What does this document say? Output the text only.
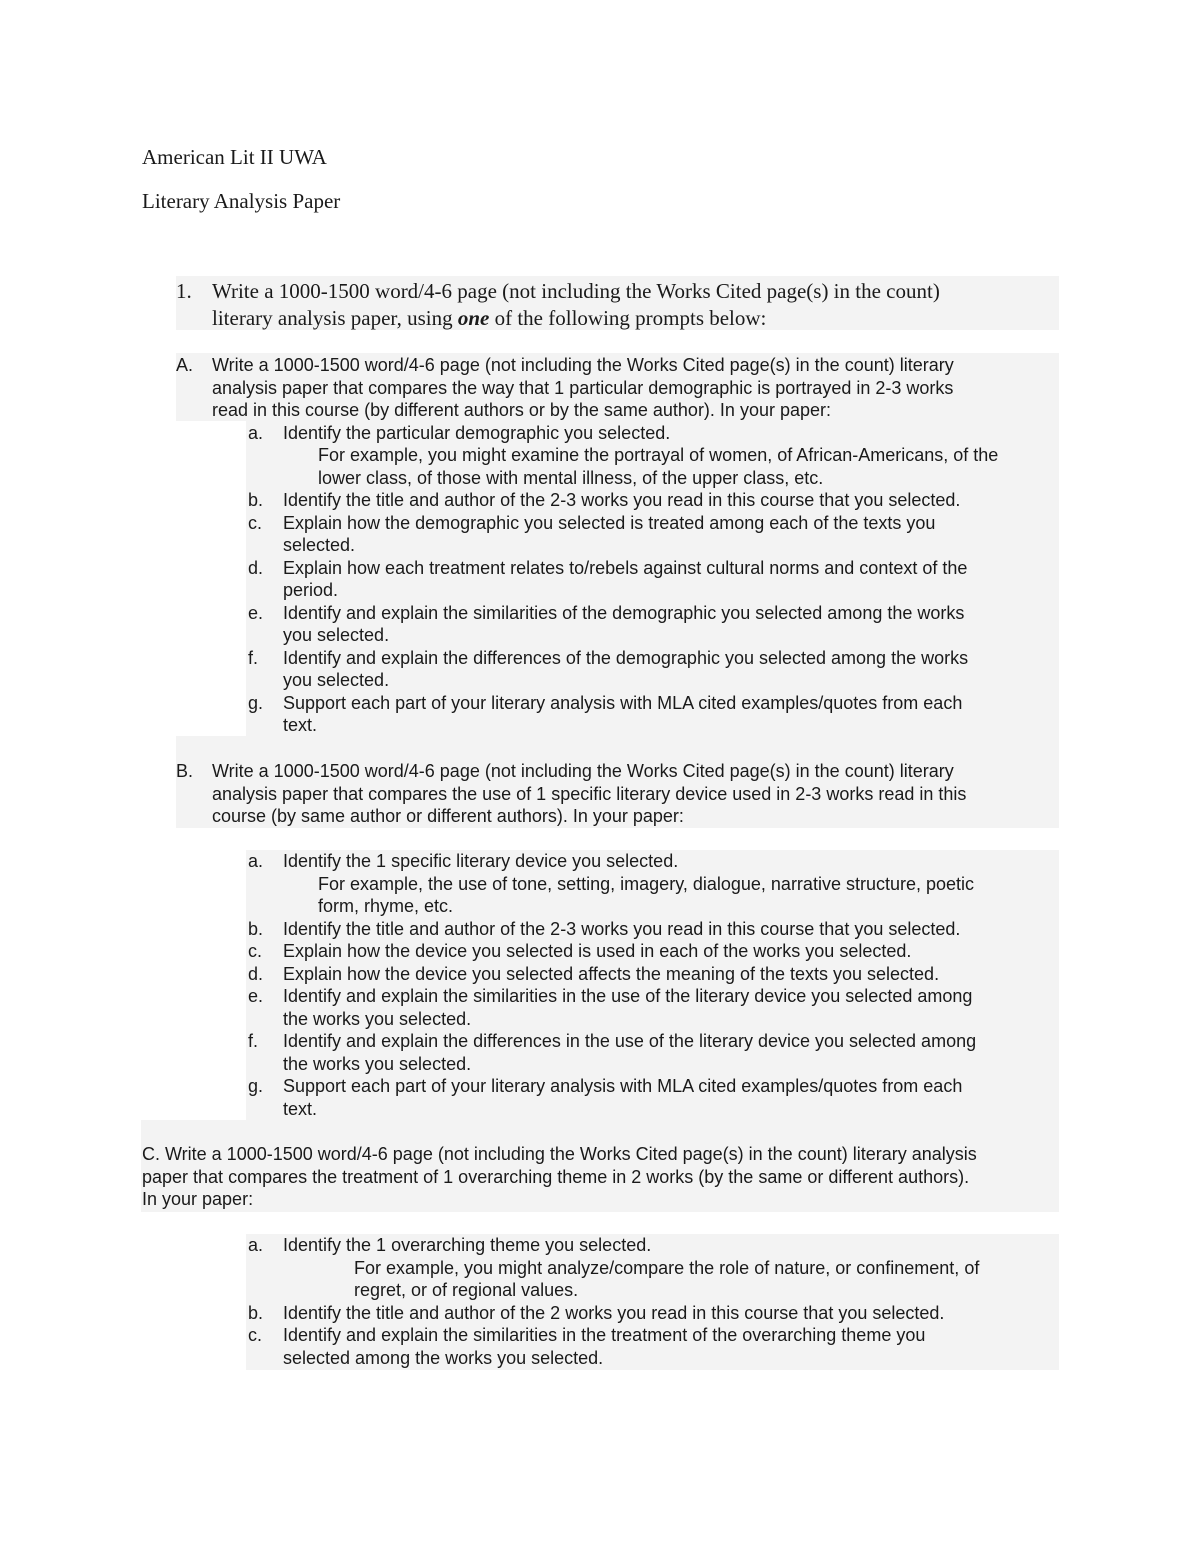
American Lit II UWA
Literary Analysis Paper
1. Write a 1000-1500 word/4-6 page (not including the Works Cited page(s) in the count)
literary analysis paper, using one of the following prompts below:
A. Write a 1000-1500 word/4-6 page (not including the Works Cited page(s) in the count) literary
analysis paper that compares the way that 1 particular demographic is portrayed in 2-3 works
read in this course (by different authors or by the same author). In your paper:
a. Identify the particular demographic you selected.
For example, you might examine the portrayal of women, of African-Americans, of the
lower class, of those with mental illness, of the upper class, etc.
b. Identify the title and author of the 2-3 works you read in this course that you selected.
c. Explain how the demographic you selected is treated among each of the texts you
selected.
d. Explain how each treatment relates to/rebels against cultural norms and context of the
period.
e. Identify and explain the similarities of the demographic you selected among the works
you selected.
f. Identify and explain the differences of the demographic you selected among the works
you selected.
g. Support each part of your literary analysis with MLA cited examples/quotes from each
text.
B. Write a 1000-1500 word/4-6 page (not including the Works Cited page(s) in the count) literary
analysis paper that compares the use of 1 specific literary device used in 2-3 works read in this
course (by same author or different authors). In your paper:
a. Identify the 1 specific literary device you selected.
For example, the use of tone, setting, imagery, dialogue, narrative structure, poetic
form, rhyme, etc.
b. Identify the title and author of the 2-3 works you read in this course that you selected.
c. Explain how the device you selected is used in each of the works you selected.
d. Explain how the device you selected affects the meaning of the texts you selected.
e. Identify and explain the similarities in the use of the literary device you selected among
the works you selected.
f. Identify and explain the differences in the use of the literary device you selected among
the works you selected.
g. Support each part of your literary analysis with MLA cited examples/quotes from each
text.
C. Write a 1000-1500 word/4-6 page (not including the Works Cited page(s) in the count) literary analysis
paper that compares the treatment of 1 overarching theme in 2 works (by the same or different authors).
In your paper:
a. Identify the 1 overarching theme you selected.
For example, you might analyze/compare the role of nature, or confinement, of
regret, or of regional values.
b. Identify the title and author of the 2 works you read in this course that you selected.
c. Identify and explain the similarities in the treatment of the overarching theme you
selected among the works you selected.
